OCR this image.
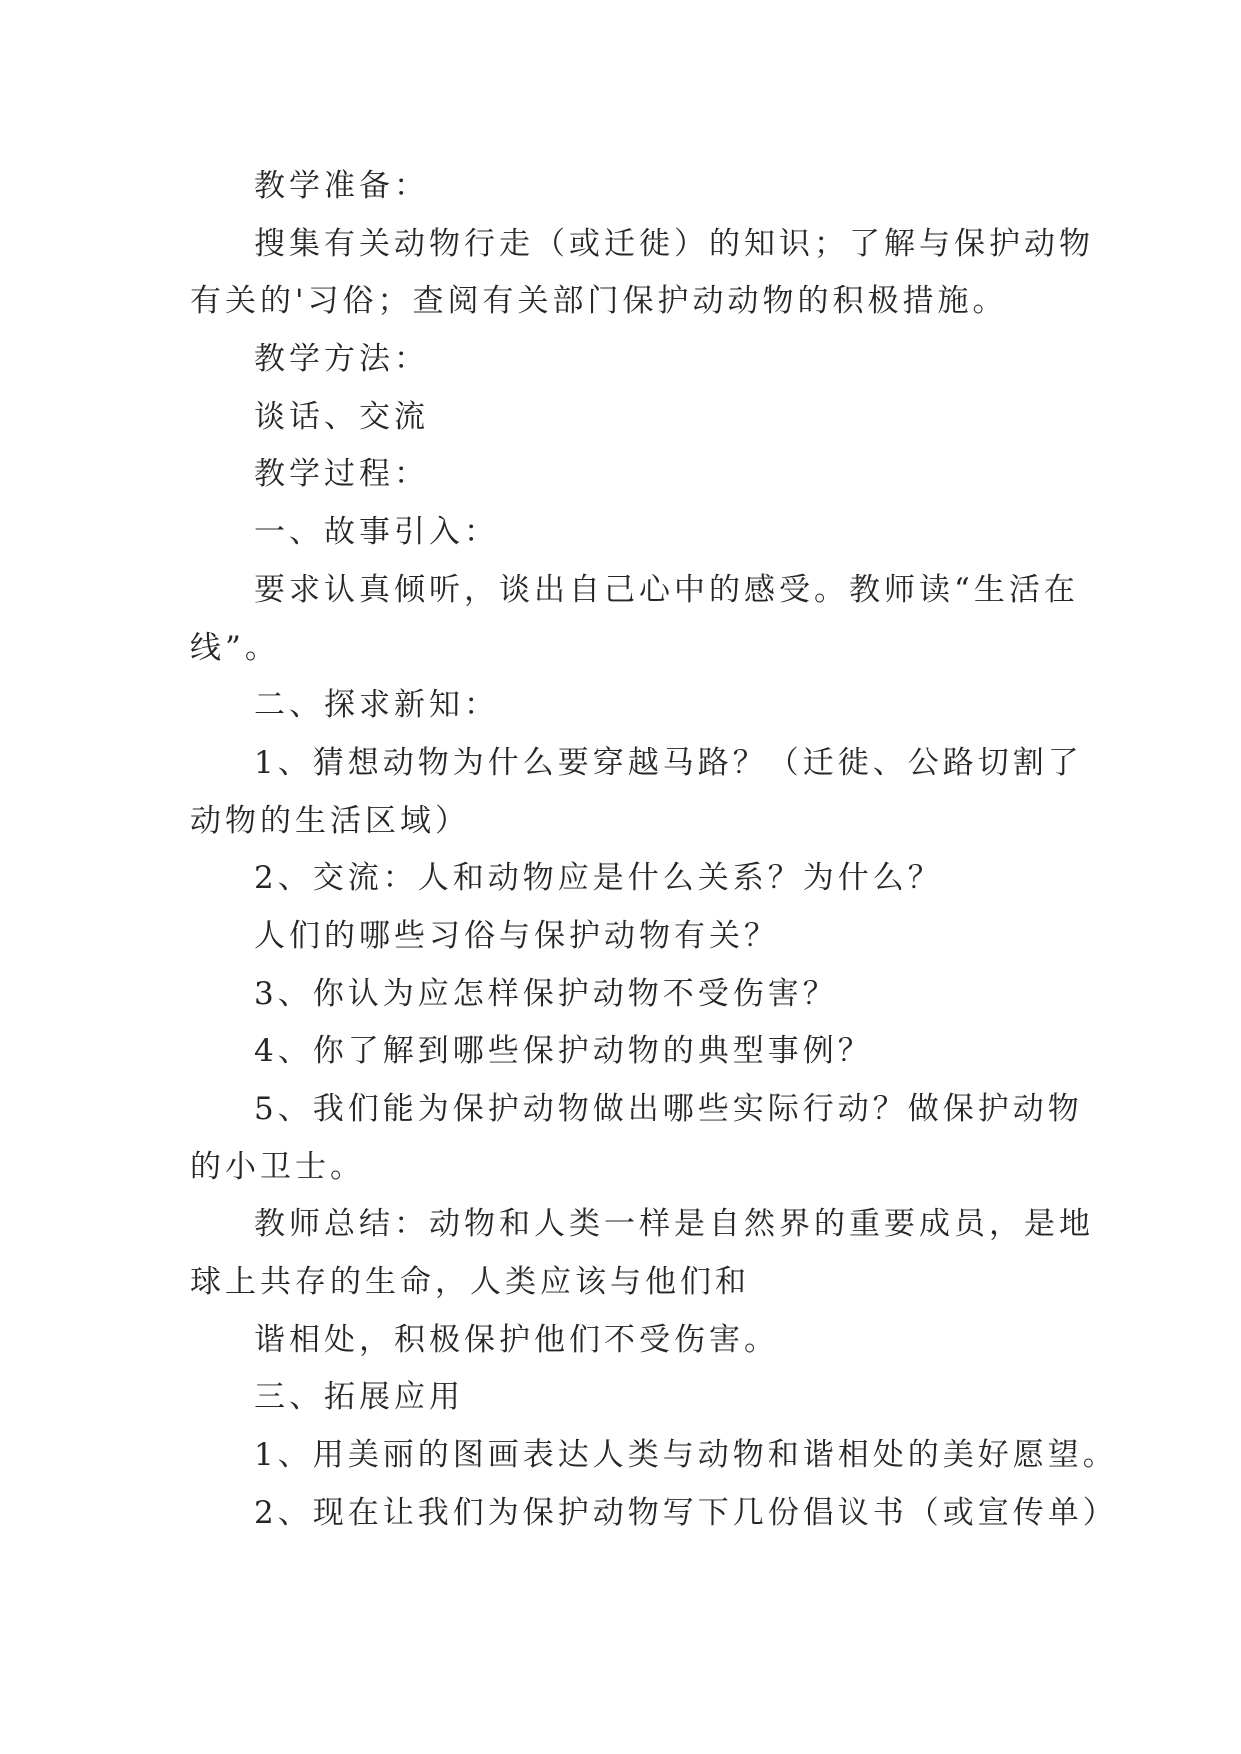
教学准备：

搜集有关动物行走（或迁徙）的知识；了解与保护动物

有关的'习俗；查阅有关部门保护动动物的积极措施。

教学方法：

谈话、交流

教学过程：

一、故事引入：

要求认真倾听，谈出自己心中的感受。教师读“生活在

线”。

二、探求新知：

1、猜想动物为什么要穿越马路？（迁徙、公路切割了

动物的生活区域）

2、交流：人和动物应是什么关系？为什么？

人们的哪些习俗与保护动物有关？

3、你认为应怎样保护动物不受伤害？

4、你了解到哪些保护动物的典型事例？

5、我们能为保护动物做出哪些实际行动？做保护动物

的小卫士。

教师总结：动物和人类一样是自然界的重要成员，是地

球上共存的生命，人类应该与他们和

谐相处，积极保护他们不受伤害。

三、拓展应用

1、用美丽的图画表达人类与动物和谐相处的美好愿望。

2、现在让我们为保护动物写下几份倡议书（或宣传单）
